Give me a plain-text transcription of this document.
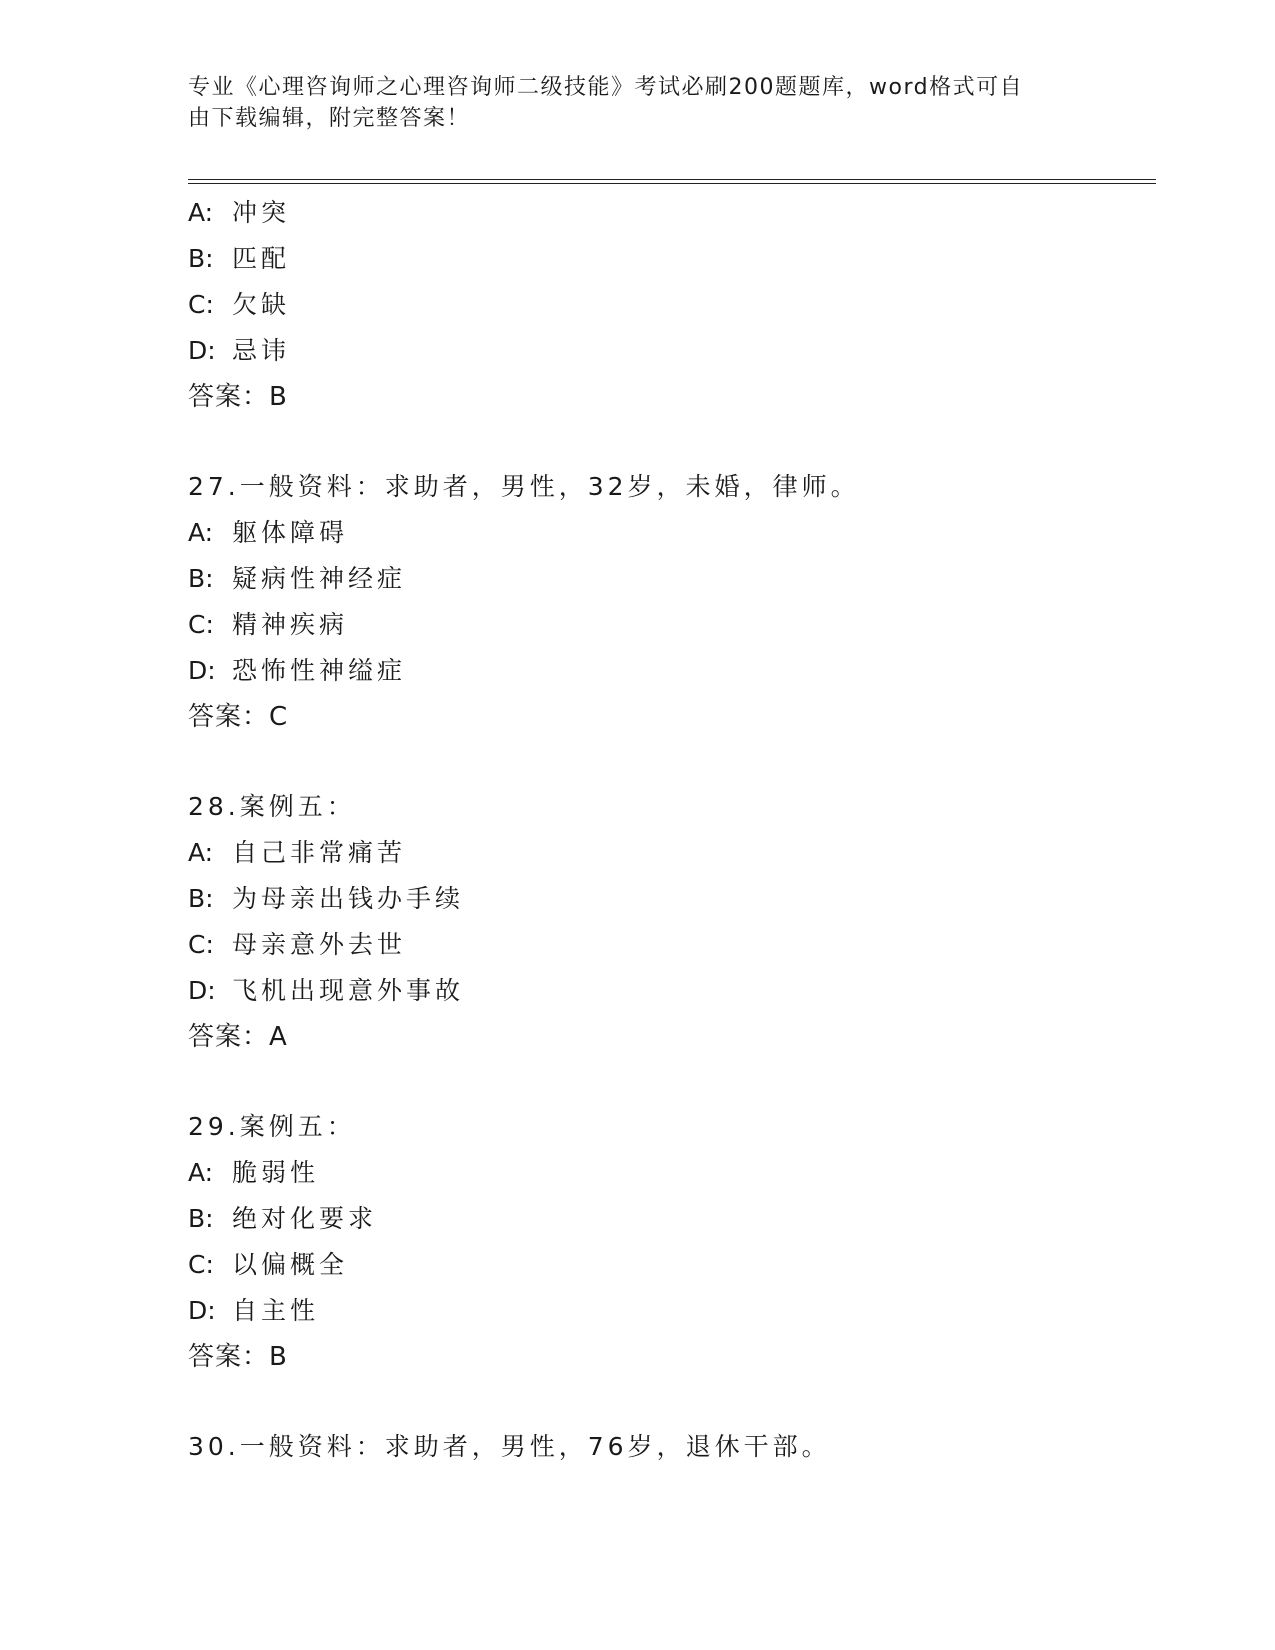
专业《心理咨询师之心理咨询师二级技能》考试必刷200题题库，word格式可自
由下载编辑，附完整答案！
A: 冲突
B: 匹配
C: 欠缺
D: 忌讳
答案：B
27.一般资料：求助者，男性，32岁，未婚，律师。
A: 躯体障碍
B: 疑病性神经症
C: 精神疾病
D: 恐怖性神缢症
答案：C
28.案例五：
A: 自己非常痛苦
B: 为母亲出钱办手续
C: 母亲意外去世
D: 飞机出现意外事故
答案：A
29.案例五：
A: 脆弱性
B: 绝对化要求
C: 以偏概全
D: 自主性
答案：B
30.一般资料：求助者，男性，76岁，退休干部。
